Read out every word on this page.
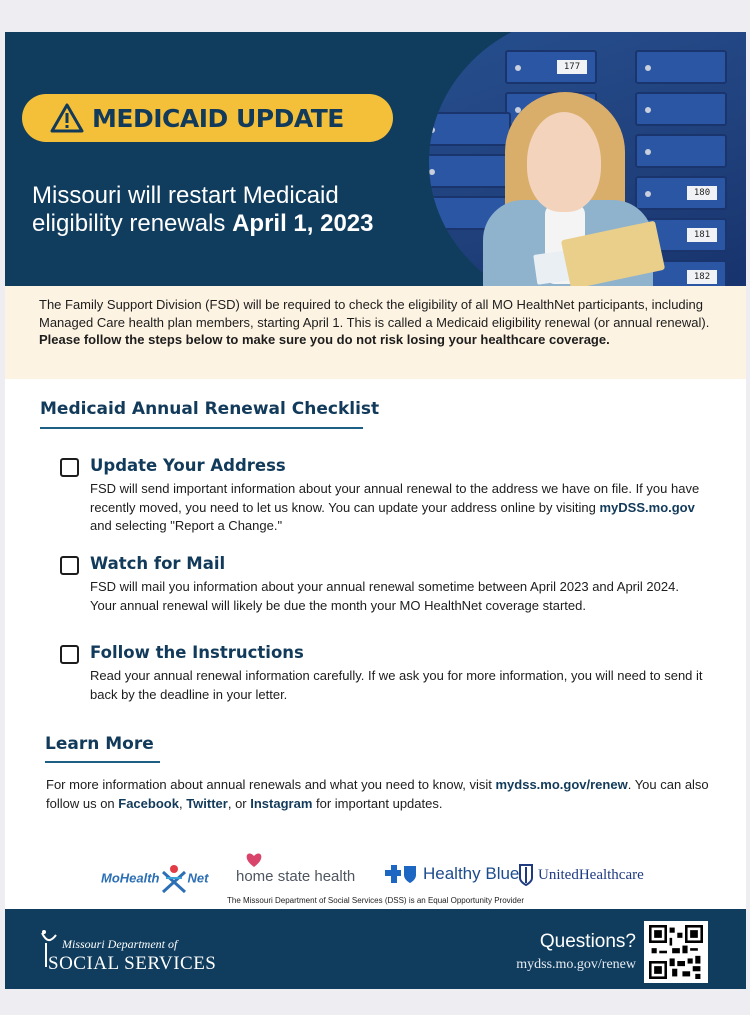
177
180
181
182
MEDICAID UPDATE
Missouri will restart Medicaid
eligibility renewals April 1, 2023
The Family Support Division (FSD) will be required to check the eligibility of all MO HealthNet participants, including Managed Care health plan members, starting April 1. This is called a Medicaid eligibility renewal (or annual renewal). Please follow the steps below to make sure you do not risk losing your healthcare coverage.
Medicaid Annual Renewal Checklist
Update Your Address
FSD will send important information about your annual renewal to the address we have on file. If you have recently moved, you need to let us know. You can update your address online by visiting myDSS.mo.gov and selecting "Report a Change."
Watch for Mail
FSD will mail you information about your annual renewal sometime between April 2023 and April 2024. Your annual renewal will likely be due the month your MO HealthNet coverage started.
Follow the Instructions
Read your annual renewal information carefully. If we ask you for more information, you will need to send it back by the deadline in your letter.
Learn More
For more information about annual renewals and what you need to know, visit mydss.mo.gov/renew. You can also follow us on Facebook, Twitter, or Instagram for important updates.
MoHealth Net home state health	Healthy Blue UnitedHealthcare
The Missouri Department of Social Services (DSS) is an Equal Opportunity Provider
Missouri Department of
SOCIAL SERVICES
Questions?
mydss.mo.gov/renew
